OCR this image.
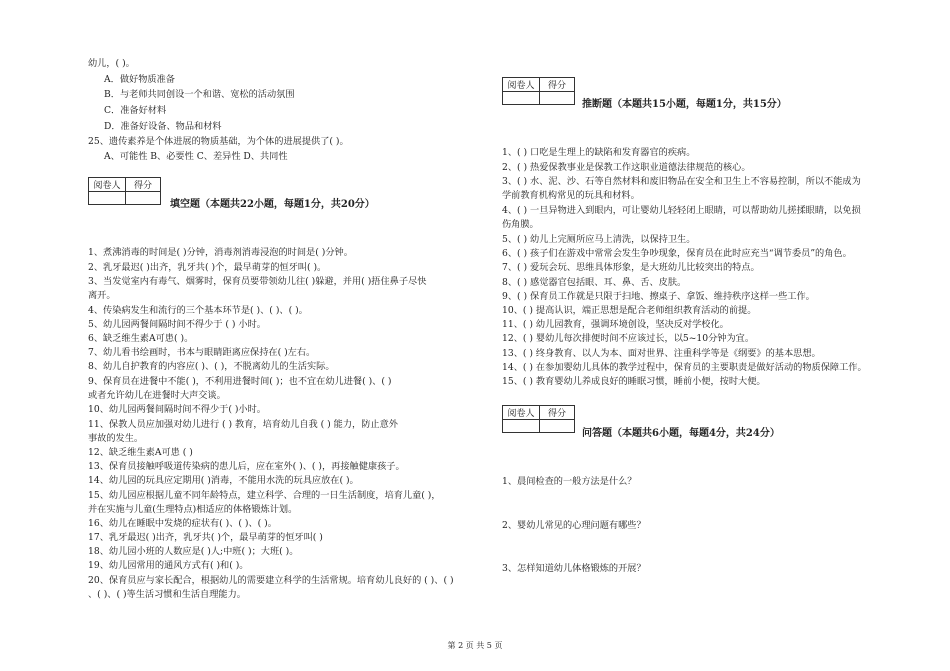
幼儿，( )。
A．做好物质准备
B．与老师共同创设一个和谐、宽松的活动氛围
C．准备好材料
D．准备好设备、物品和材料
25、遗传素养是个体进展的物质基础，为个体的进展提供了( )。
A、可能性 B、必要性 C、差异性 D、共同性
阅卷人	得分

填空题（本题共22小题，每题1分，共20分）
1、煮沸消毒的时间是( )分钟，消毒剂消毒浸泡的时间是( )分钟。
2、乳牙最迟( )出齐，乳牙共( )个，最早萌芽的恒牙叫( )。
3、当发觉室内有毒气、烟雾时，保育员要带领幼儿往( )躲避，并用( )捂住鼻子尽快
离开。
4、传染病发生和流行的三个基本环节是( )、( )、( )。
5、幼儿园两餐间隔时间不得少于 ( ) 小时。
6、缺乏维生素A可患( )。
7、幼儿看书绘画时，书本与眼睛距离应保持在( )左右。
8、幼儿自护教育的内容应( )、( )，不脱离幼儿的生活实际。
9、保育员在进餐中不能( )，不利用进餐时间( )；也不宜在幼儿进餐( )、( )
或者允许幼儿在进餐时大声交谈。
10、幼儿园两餐间隔时间不得少于( )小时。
11、保教人员应加强对幼儿进行 ( ) 教育，培育幼儿自我 ( ) 能力，防止意外
事故的发生。
12、缺乏维生素A可患 ( )
13、保育员接触呼吸道传染病的患儿后，应在室外( )、( )，再接触健康孩子。
14、幼儿园的玩具应定期用( )消毒，不能用水洗的玩具应放在( )。
15、幼儿园应根据儿童不同年龄特点，建立科学、合理的一日生活制度，培育儿童( )，
并在实施与儿童(生理特点)相适应的体格锻炼计划。
16、幼儿在睡眠中发烧的症状有( )、( )、( )。
17、乳牙最迟( )出齐，乳牙共( )个，最早萌芽的恒牙叫( )
18、幼儿园小班的人数应是( )人;中班( )；大班( )。
19、幼儿园常用的通风方式有( )和( )。
20、保育员应与家长配合，根据幼儿的需要建立科学的生活常规。培育幼儿良好的 ( )、( )
、( )、( )等生活习惯和生活自理能力。
阅卷人	得分

推断题（本题共15小题，每题1分，共15分）
1、( ) 口吃是生理上的缺陷和发育器官的疾病。
2、( ) 热爱保教事业是保教工作这职业道德法律规范的核心。
3、( ) 水、泥、沙、石等自然材料和废旧物品在安全和卫生上不容易控制，所以不能成为
学前教育机构常见的玩具和材料。
4、( ) 一旦异物进入到眼内，可让婴幼儿轻轻闭上眼睛，可以帮助幼儿搓揉眼睛，以免损
伤角膜。
5、( ) 幼儿上完厕所应马上清洗，以保持卫生。
6、( ) 孩子们在游戏中常常会发生争吵现象，保育员在此时应充当“调节委员”的角色。
7、( ) 爱玩会玩、思维具体形象，是大班幼儿比较突出的特点。
8、( ) 感觉器官包括眼、耳、鼻、舌、皮肤。
9、( ) 保育员工作就是只限于扫地、擦桌子、拿饭、维持秩序这样一些工作。
10、( ) 提高认识，端正思想是配合老师组织教育活动的前提。
11、( ) 幼儿园教育，强调环境创设，坚决反对学校化。
12、( ) 婴幼儿每次排便时间不应该过长，以5~10分钟为宜。
13、( ) 终身教育、以人为本、面对世界、注重科学等是《纲要》的基本思想。
14、( ) 在参加婴幼儿具体的教学过程中，保育员的主要职责是做好活动的物质保障工作。
15、( ) 教育婴幼儿养成良好的睡眠习惯，睡前小便，按时大便。
阅卷人	得分

问答题（本题共6小题，每题4分，共24分）
1、晨间检查的一般方法是什么？
2、婴幼儿常见的心理问题有哪些？
3、怎样知道幼儿体格锻炼的开展？
第 2 页 共 5 页
